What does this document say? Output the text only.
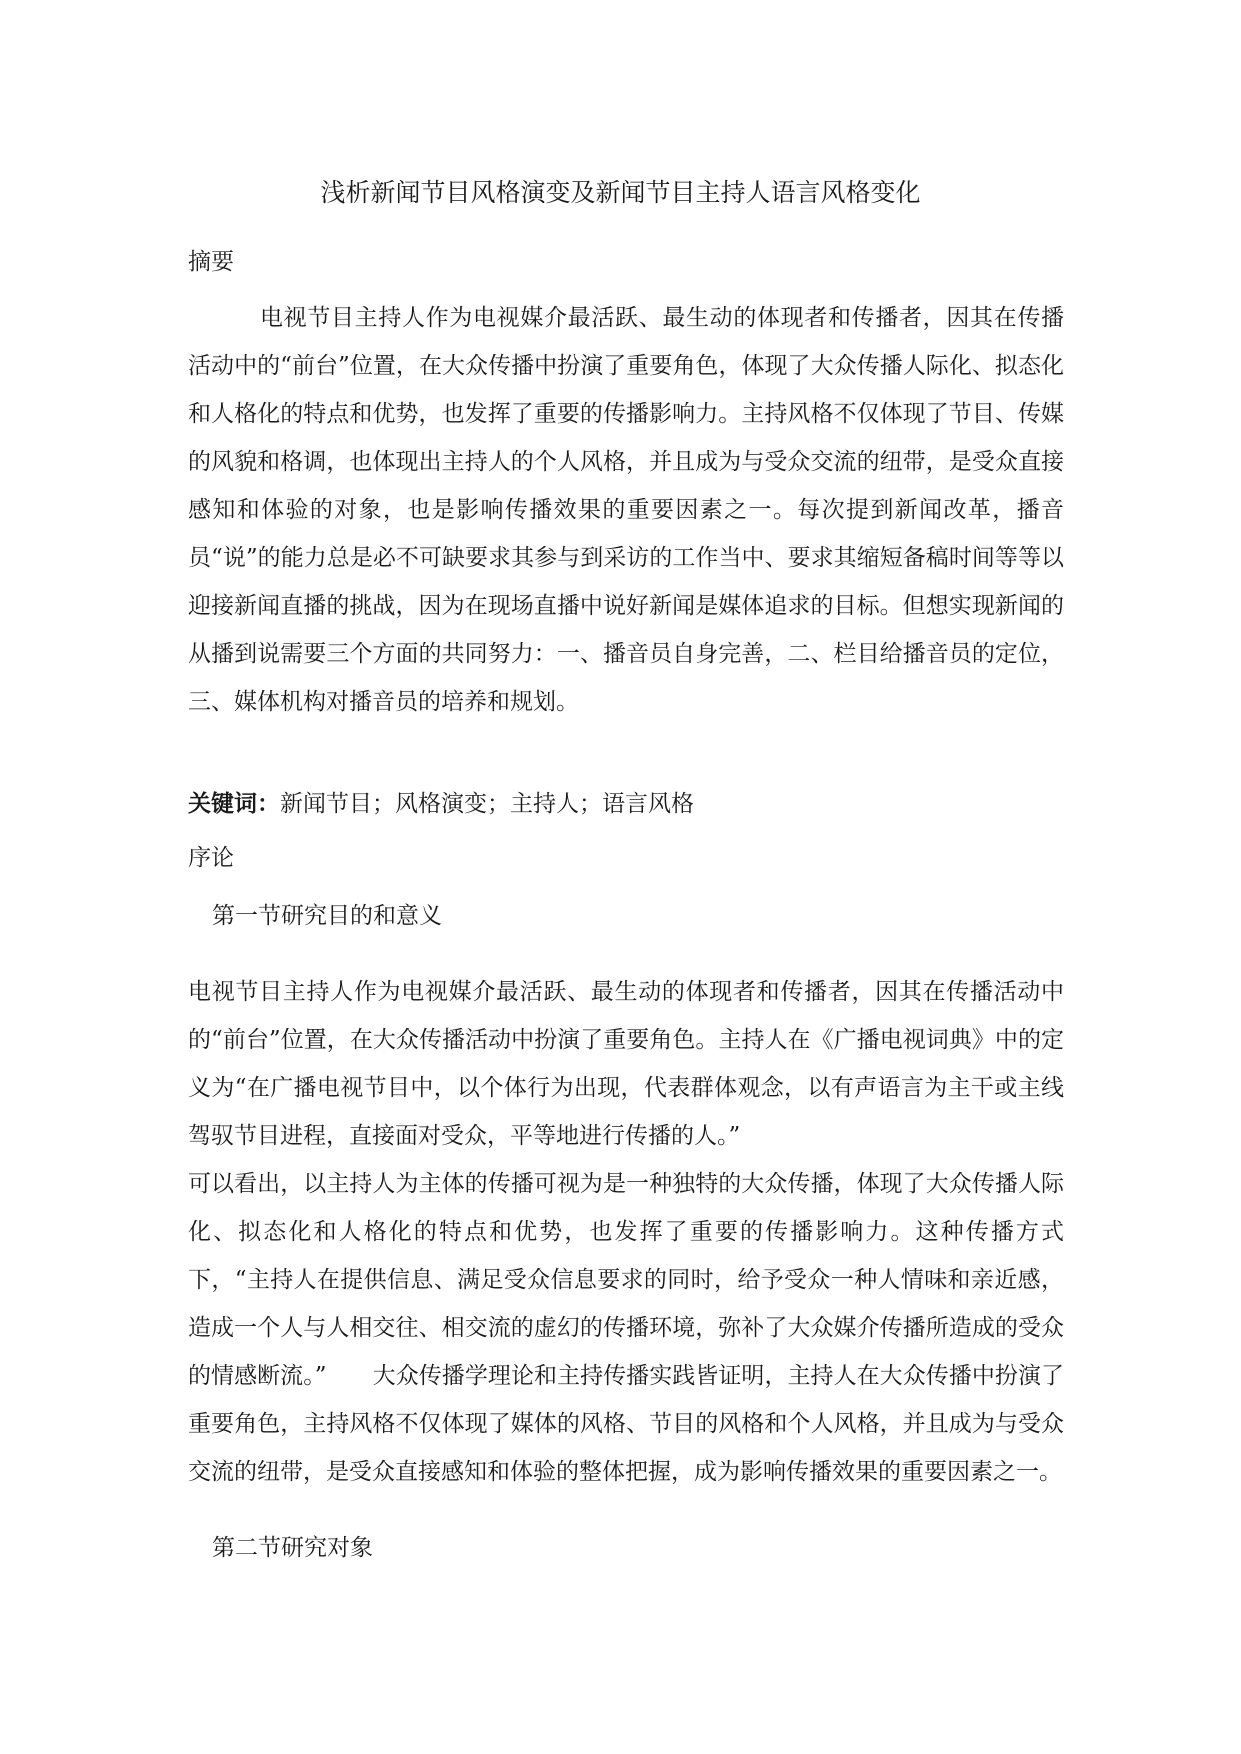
浅析新闻节目风格演变及新闻节目主持人语言风格变化

摘要

电视节目主持人作为电视媒介最活跃、最生动的体现者和传播者，因其在传播活动中的“前台”位置，在大众传播中扮演了重要角色，体现了大众传播人际化、拟态化和人格化的特点和优势，也发挥了重要的传播影响力。主持风格不仅体现了节目、传媒的风貌和格调，也体现出主持人的个人风格，并且成为与受众交流的纽带，是受众直接感知和体验的对象，也是影响传播效果的重要因素之一。每次提到新闻改革，播音员“说”的能力总是必不可缺要求其参与到采访的工作当中、要求其缩短备稿时间等等以迎接新闻直播的挑战，因为在现场直播中说好新闻是媒体追求的目标。但想实现新闻的从播到说需要三个方面的共同努力：一、播音员自身完善，二、栏目给播音员的定位，三、媒体机构对播音员的培养和规划。

关键词：新闻节目；风格演变；主持人；语言风格

序论

第一节研究目的和意义

电视节目主持人作为电视媒介最活跃、最生动的体现者和传播者，因其在传播活动中的“前台”位置，在大众传播活动中扮演了重要角色。主持人在《广播电视词典》中的定义为“在广播电视节目中，以个体行为出现，代表群体观念，以有声语言为主干或主线驾驭节目进程，直接面对受众，平等地进行传播的人。”

可以看出，以主持人为主体的传播可视为是一种独特的大众传播，体现了大众传播人际化、拟态化和人格化的特点和优势，也发挥了重要的传播影响力。这种传播方式下，“主持人在提供信息、满足受众信息要求的同时，给予受众一种人情味和亲近感，造成一个人与人相交往、相交流的虚幻的传播环境，弥补了大众媒介传播所造成的受众的情感断流。”　　大众传播学理论和主持传播实践皆证明，主持人在大众传播中扮演了重要角色，主持风格不仅体现了媒体的风格、节目的风格和个人风格，并且成为与受众交流的纽带，是受众直接感知和体验的整体把握，成为影响传播效果的重要因素之一。

第二节研究对象
